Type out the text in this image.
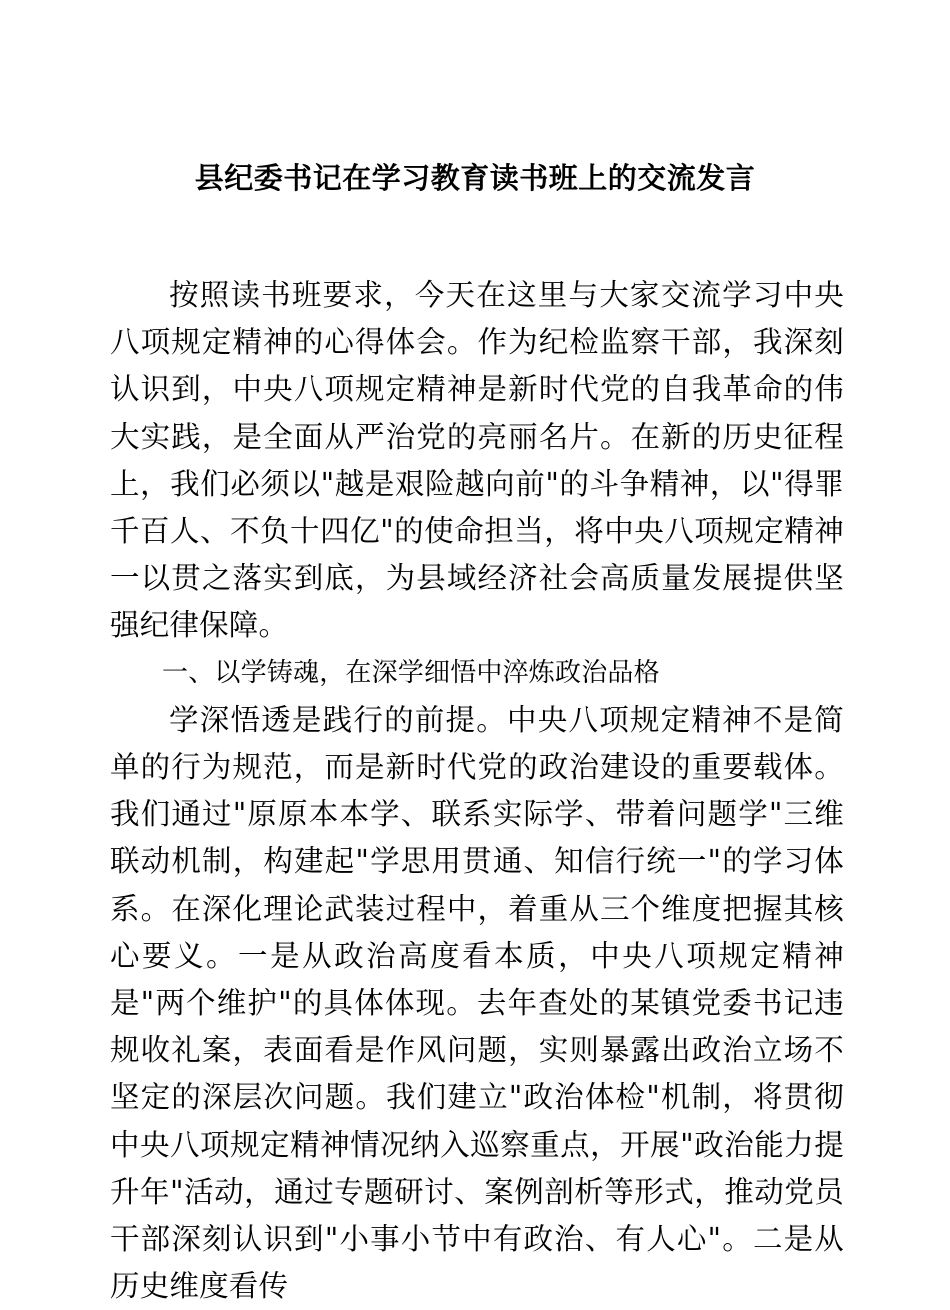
县纪委书记在学习教育读书班上的交流发言

按照读书班要求，今天在这里与大家交流学习中央八项规定精神的心得体会。作为纪检监察干部，我深刻认识到，中央八项规定精神是新时代党的自我革命的伟大实践，是全面从严治党的亮丽名片。在新的历史征程上，我们必须以"越是艰险越向前"的斗争精神，以"得罪千百人、不负十四亿"的使命担当，将中央八项规定精神一以贯之落实到底，为县域经济社会高质量发展提供坚强纪律保障。

一、以学铸魂，在深学细悟中淬炼政治品格

学深悟透是践行的前提。中央八项规定精神不是简单的行为规范，而是新时代党的政治建设的重要载体。我们通过"原原本本学、联系实际学、带着问题学"三维联动机制，构建起"学思用贯通、知信行统一"的学习体系。在深化理论武装过程中，着重从三个维度把握其核心要义。一是从政治高度看本质，中央八项规定精神是"两个维护"的具体体现。去年查处的某镇党委书记违规收礼案，表面看是作风问题，实则暴露出政治立场不坚定的深层次问题。我们建立"政治体检"机制，将贯彻中央八项规定精神情况纳入巡察重点，开展"政治能力提升年"活动，通过专题研讨、案例剖析等形式，推动党员干部深刻认识到"小事小节中有政治、有人心"。二是从历史维度看传
